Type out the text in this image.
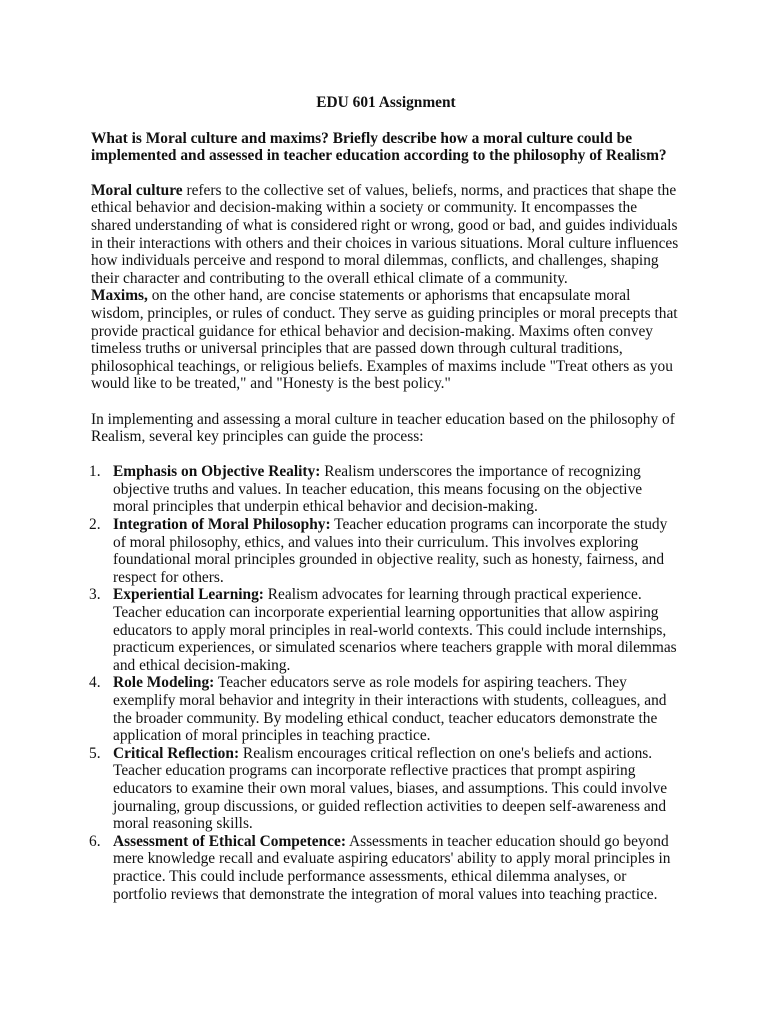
EDU 601 Assignment

What is Moral culture and maxims? Briefly describe how a moral culture could be implemented and assessed in teacher education according to the philosophy of Realism?

Moral culture refers to the collective set of values, beliefs, norms, and practices that shape the ethical behavior and decision-making within a society or community. It encompasses the shared understanding of what is considered right or wrong, good or bad, and guides individuals in their interactions with others and their choices in various situations. Moral culture influences how individuals perceive and respond to moral dilemmas, conflicts, and challenges, shaping their character and contributing to the overall ethical climate of a community.

Maxims, on the other hand, are concise statements or aphorisms that encapsulate moral wisdom, principles, or rules of conduct. They serve as guiding principles or moral precepts that provide practical guidance for ethical behavior and decision-making. Maxims often convey timeless truths or universal principles that are passed down through cultural traditions, philosophical teachings, or religious beliefs. Examples of maxims include "Treat others as you would like to be treated," and "Honesty is the best policy."

In implementing and assessing a moral culture in teacher education based on the philosophy of Realism, several key principles can guide the process:

1. Emphasis on Objective Reality: Realism underscores the importance of recognizing objective truths and values. In teacher education, this means focusing on the objective moral principles that underpin ethical behavior and decision-making.
2. Integration of Moral Philosophy: Teacher education programs can incorporate the study of moral philosophy, ethics, and values into their curriculum. This involves exploring foundational moral principles grounded in objective reality, such as honesty, fairness, and respect for others.
3. Experiential Learning: Realism advocates for learning through practical experience. Teacher education can incorporate experiential learning opportunities that allow aspiring educators to apply moral principles in real-world contexts. This could include internships, practicum experiences, or simulated scenarios where teachers grapple with moral dilemmas and ethical decision-making.
4. Role Modeling: Teacher educators serve as role models for aspiring teachers. They exemplify moral behavior and integrity in their interactions with students, colleagues, and the broader community. By modeling ethical conduct, teacher educators demonstrate the application of moral principles in teaching practice.
5. Critical Reflection: Realism encourages critical reflection on one's beliefs and actions. Teacher education programs can incorporate reflective practices that prompt aspiring educators to examine their own moral values, biases, and assumptions. This could involve journaling, group discussions, or guided reflection activities to deepen self-awareness and moral reasoning skills.
6. Assessment of Ethical Competence: Assessments in teacher education should go beyond mere knowledge recall and evaluate aspiring educators' ability to apply moral principles in practice. This could include performance assessments, ethical dilemma analyses, or portfolio reviews that demonstrate the integration of moral values into teaching practice.
